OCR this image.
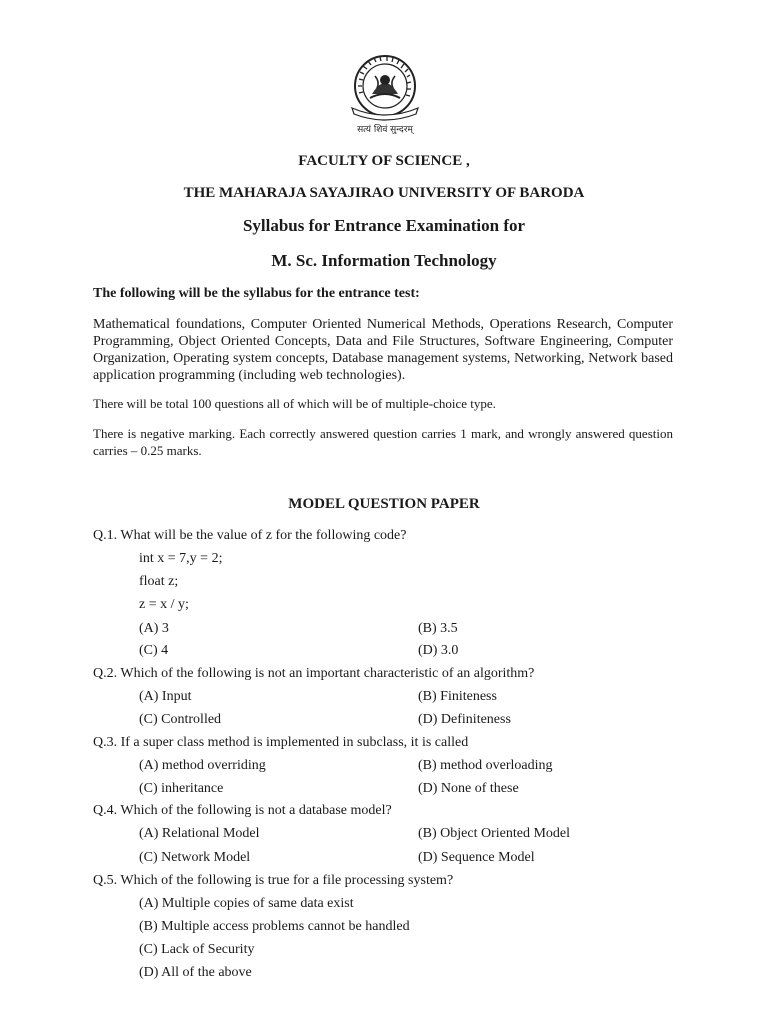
सत्यं शिवं सुन्दरम्
FACULTY OF SCIENCE ,
THE MAHARAJA SAYAJIRAO UNIVERSITY OF BARODA
Syllabus for Entrance Examination for
M. Sc. Information Technology
The following will be the syllabus for the entrance test:
Mathematical foundations, Computer Oriented Numerical Methods, Operations Research, Computer Programming, Object Oriented Concepts, Data and File Structures, Software Engineering, Computer Organization, Operating system concepts, Database management systems, Networking, Network based application programming (including web technologies).
There will be total 100 questions all of which will be of multiple-choice type.
There is negative marking. Each correctly answered question carries 1 mark, and wrongly answered question carries – 0.25 marks.
MODEL QUESTION PAPER
Q.1. What will be the value of z for the following code?
int x = 7,y = 2;
float z;
z = x / y;
(A) 3	(B) 3.5
(C) 4	(D) 3.0
Q.2. Which of the following is not an important characteristic of an algorithm?
(A) Input	(B) Finiteness
(C) Controlled	(D) Definiteness
Q.3. If a super class method is implemented in subclass, it is called
(A) method overriding	(B) method overloading
(C) inheritance	(D) None of these
Q.4. Which of the following is not a database model?
(A) Relational Model	(B) Object Oriented Model
(C) Network Model	(D) Sequence Model
Q.5. Which of the following is true for a file processing system?
(A) Multiple copies of same data exist
(B) Multiple access problems cannot be handled
(C) Lack of Security
(D) All of the above
